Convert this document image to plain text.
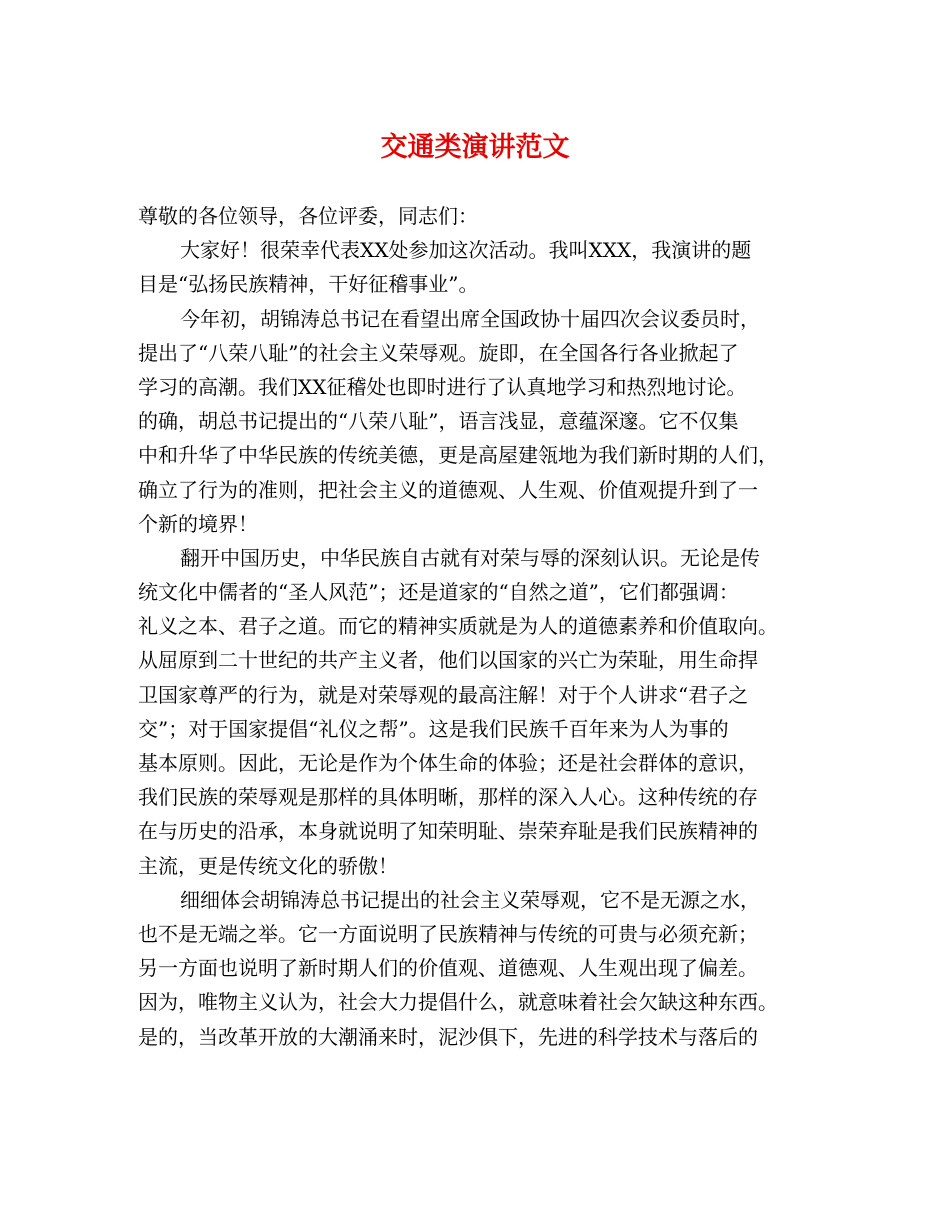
交通类演讲范文
尊敬的各位领导，各位评委，同志们：
大家好！很荣幸代表XX处参加这次活动。我叫XXX，我演讲的题
目是“弘扬民族精神，干好征稽事业”。
今年初，胡锦涛总书记在看望出席全国政协十届四次会议委员时，
提出了“八荣八耻”的社会主义荣辱观。旋即，在全国各行各业掀起了
学习的高潮。我们XX征稽处也即时进行了认真地学习和热烈地讨论。
的确，胡总书记提出的“八荣八耻”，语言浅显，意蕴深邃。它不仅集
中和升华了中华民族的传统美德，更是高屋建瓴地为我们新时期的人们，
确立了行为的准则，把社会主义的道德观、人生观、价值观提升到了一
个新的境界！
翻开中国历史，中华民族自古就有对荣与辱的深刻认识。无论是传
统文化中儒者的“圣人风范”；还是道家的“自然之道”，它们都强调：
礼义之本、君子之道。而它的精神实质就是为人的道德素养和价值取向。
从屈原到二十世纪的共产主义者，他们以国家的兴亡为荣耻，用生命捍
卫国家尊严的行为，就是对荣辱观的最高注解！对于个人讲求“君子之
交”；对于国家提倡“礼仪之帮”。这是我们民族千百年来为人为事的
基本原则。因此，无论是作为个体生命的体验；还是社会群体的意识，
我们民族的荣辱观是那样的具体明晰，那样的深入人心。这种传统的存
在与历史的沿承，本身就说明了知荣明耻、崇荣弃耻是我们民族精神的
主流，更是传统文化的骄傲！
细细体会胡锦涛总书记提出的社会主义荣辱观，它不是无源之水，
也不是无端之举。它一方面说明了民族精神与传统的可贵与必须充新；
另一方面也说明了新时期人们的价值观、道德观、人生观出现了偏差。
因为，唯物主义认为，社会大力提倡什么，就意味着社会欠缺这种东西。
是的，当改革开放的大潮涌来时，泥沙俱下，先进的科学技术与落后的
